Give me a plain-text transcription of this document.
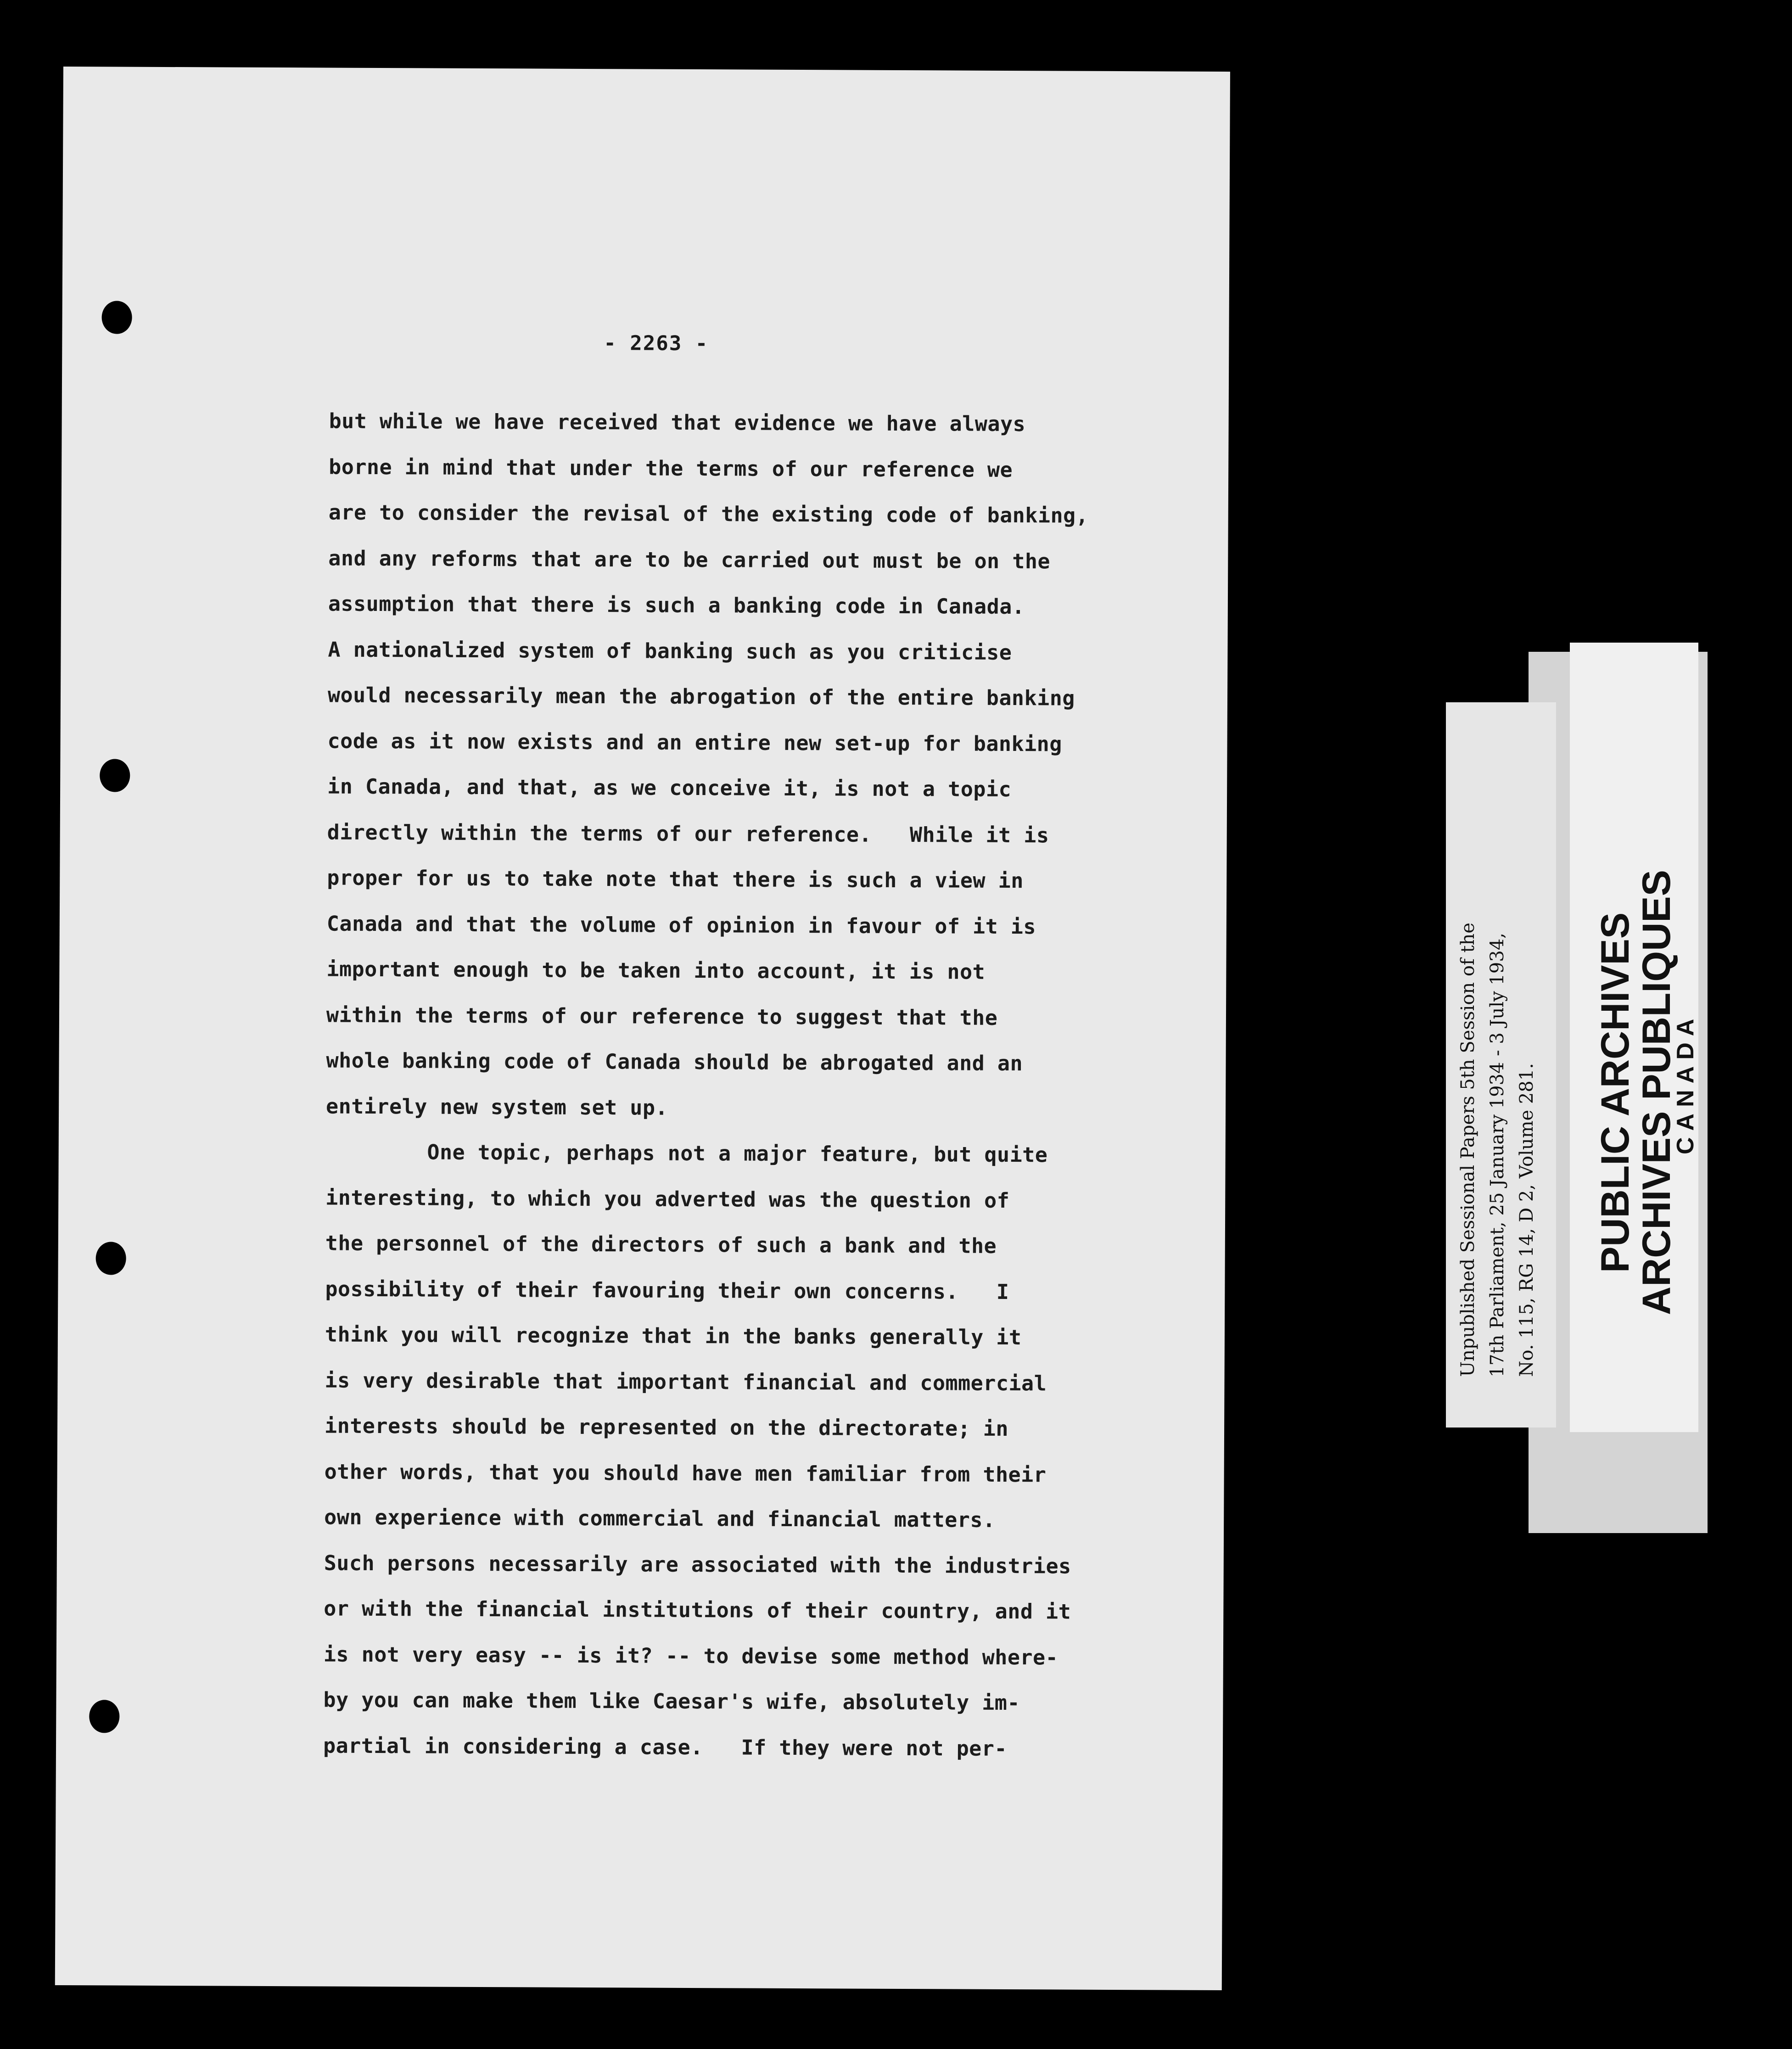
- 2263 -
but while we have received that evidence we have always
borne in mind that under the terms of our reference we
are to consider the revisal of the existing code of banking,
and any reforms that are to be carried out must be on the
assumption that there is such a banking code in Canada.
A nationalized system of banking such as you criticise
would necessarily mean the abrogation of the entire banking
code as it now exists and an entire new set-up for banking
in Canada, and that, as we conceive it, is not a topic
directly within the terms of our reference.   While it is
proper for us to take note that there is such a view in
Canada and that the volume of opinion in favour of it is
important enough to be taken into account, it is not
within the terms of our reference to suggest that the
whole banking code of Canada should be abrogated and an
entirely new system set up.
One topic, perhaps not a major feature, but quite
interesting, to which you adverted was the question of
the personnel of the directors of such a bank and the
possibility of their favouring their own concerns.   I
think you will recognize that in the banks generally it
is very desirable that important financial and commercial
interests should be represented on the directorate; in
other words, that you should have men familiar from their
own experience with commercial and financial matters.
Such persons necessarily are associated with the industries
or with the financial institutions of their country, and it
is not very easy -- is it? -- to devise some method where-
by you can make them like Caesar's wife, absolutely im-
partial in considering a case.   If they were not per-
PUBLIC ARCHIVES
ARCHIVES PUBLIQUES
CANADA
Unpublished Sessional Papers 5th Session of the 17th Parliament, 25 January 1934 - 3 July 1934, No. 115, RG 14, D 2, Volume 281.
